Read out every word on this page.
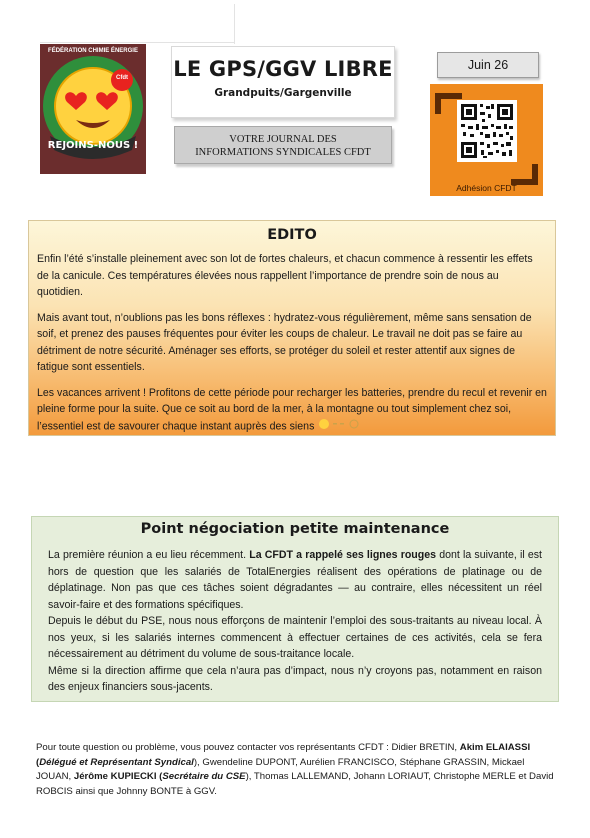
FÉDÉRATION CHIMIE ÉNERGIE
Cfdt
REJOINS-NOUS !
LE GPS/GGV LIBRE
Grandpuits/Gargenville
VOTRE JOURNAL DES
INFORMATIONS SYNDICALES CFDT
Juin 26
Adhésion CFDT
EDITO

Enfin l’été s’installe pleinement avec son lot de fortes chaleurs, et chacun commence à ressentir les effets de la canicule. Ces températures élevées nous rappellent l’importance de prendre soin de nous au quotidien.

Mais avant tout, n’oublions pas les bons réflexes : hydratez-vous régulièrement, même sans sensation de soif, et prenez des pauses fréquentes pour éviter les coups de chaleur. Le travail ne doit pas se faire au détriment de notre sécurité. Aménager ses efforts, se protéger du soleil et rester attentif aux signes de fatigue sont essentiels.

Les vacances arrivent ! Profitons de cette période pour recharger les batteries, prendre du recul et revenir en pleine forme pour la suite. Que ce soit au bord de la mer, à la montagne ou tout simplement chez soi, l’essentiel est de savourer chaque instant auprès des siens

Point négociation petite maintenance

La première réunion a eu lieu récemment. La CFDT a rappelé ses lignes rouges dont la suivante, il est hors de question que les salariés de TotalEnergies réalisent des opérations de platinage ou de déplatinage. Non pas que ces tâches soient dégradantes — au contraire, elles nécessitent un réel savoir-faire et des formations spécifiques.

Depuis le début du PSE, nous nous efforçons de maintenir l’emploi des sous-traitants au niveau local. À nos yeux, si les salariés internes commencent à effectuer certaines de ces activités, cela se fera nécessairement au détriment du volume de sous-traitance locale.

Même si la direction affirme que cela n’aura pas d’impact, nous n’y croyons pas, notamment en raison des enjeux financiers sous-jacents.

Pour toute question ou problème, vous pouvez contacter vos représentants CFDT : Didier BRETIN, Akim ELAIASSI (Délégué et Représentant Syndical), Gwendeline DUPONT, Aurélien FRANCISCO, Stéphane GRASSIN, Mickael JOUAN, Jérôme KUPIECKI (Secrétaire du CSE), Thomas LALLEMAND, Johann LORIAUT, Christophe MERLE et David ROBCIS ainsi que Johnny BONTE à GGV.
